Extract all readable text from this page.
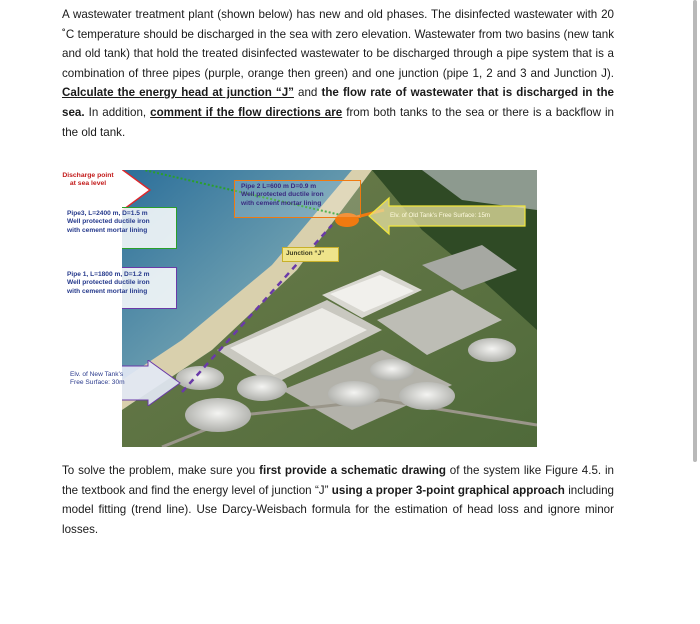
A wastewater treatment plant (shown below) has new and old phases. The disinfected wastewater with 20 ˚C temperature should be discharged in the sea with zero elevation. Wastewater from two basins (new tank and old tank) that hold the treated disinfected wastewater to be discharged through a pipe system that is a combination of three pipes (purple, orange then green) and one junction (pipe 1, 2 and 3 and Junction J). Calculate the energy head at junction “J” and the flow rate of wastewater that is discharged in the sea. In addition, comment if the flow directions are from both tanks to the sea or there is a backflow in the old tank.
Discharge point
at sea level
Pipe3, L=2400 m, D=1.5 m
Well protected ductile iron
with cement mortar lining
Pipe 1, L=1800 m, D=1.2 m
Well protected ductile iron
with cement mortar lining
Pipe 2 L=600 m D=0.9 m
Well protected ductile iron
with cement mortar lining
Junction “J”
Elv. of Old Tank’s Free Surface: 15m
Elv. of New Tank’s
Free Surface: 30m
To solve the problem, make sure you first provide a schematic drawing of the system like Figure 4.5. in the textbook and find the energy level of junction “J” using a proper 3-point graphical approach including model fitting (trend line). Use Darcy-Weisbach formula for the estimation of head loss and ignore minor losses.
